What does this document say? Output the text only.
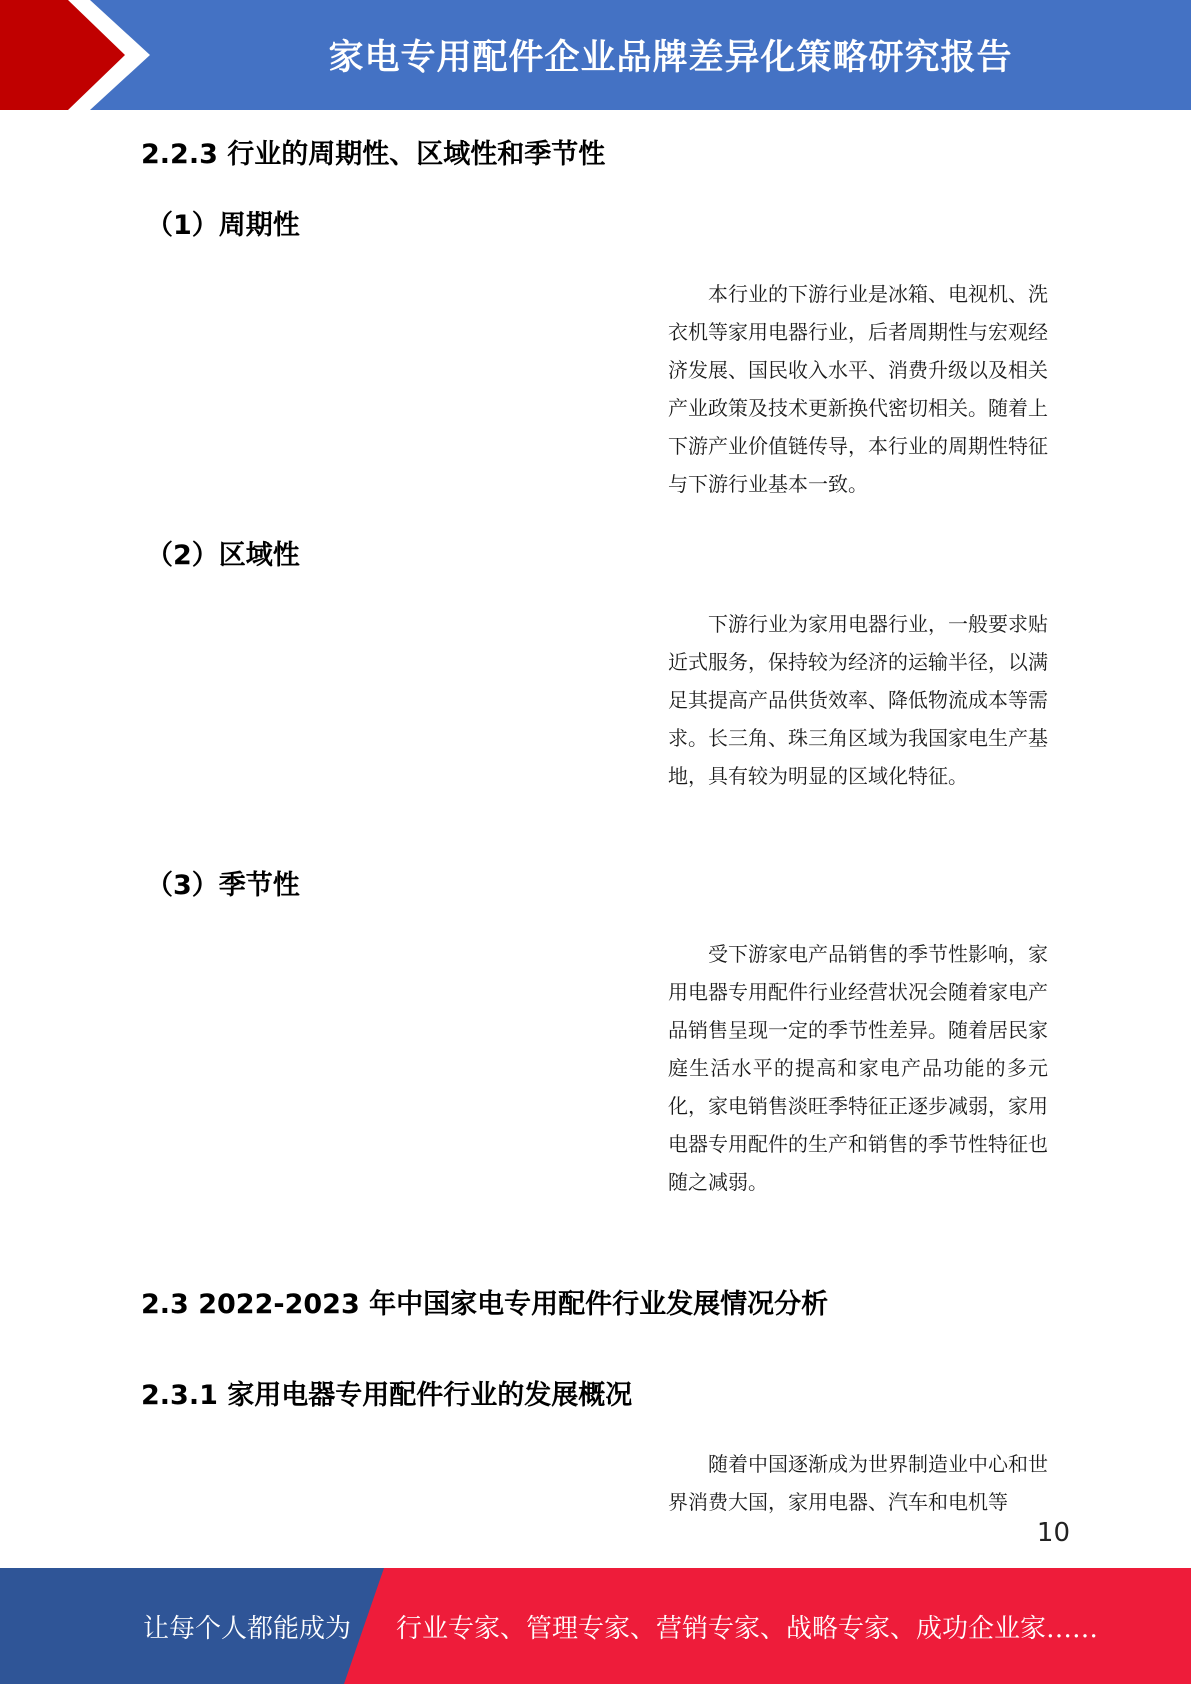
家电专用配件企业品牌差异化策略研究报告
2.2.3 行业的周期性、区域性和季节性
（1）周期性

本行业的下游行业是冰箱、电视机、洗衣机等家用电器行业，后者周期性与宏观经济发展、国民收入水平、消费升级以及相关产业政策及技术更新换代密切相关。随着上下游产业价值链传导，本行业的周期性特征与下游行业基本一致。

（2）区域性

下游行业为家用电器行业，一般要求贴近式服务，保持较为经济的运输半径，以满足其提高产品供货效率、降低物流成本等需求。长三角、珠三角区域为我国家电生产基地，具有较为明显的区域化特征。

（3）季节性

受下游家电产品销售的季节性影响，家用电器专用配件行业经营状况会随着家电产品销售呈现一定的季节性差异。随着居民家庭生活水平的提高和家电产品功能的多元化，家电销售淡旺季特征正逐步减弱，家用电器专用配件的生产和销售的季节性特征也随之减弱。

2.3 2022-2023 年中国家电专用配件行业发展情况分析
2.3.1 家用电器专用配件行业的发展概况

随着中国逐渐成为世界制造业中心和世界消费大国，家用电器、汽车和电机等

10
让每个人都能成为 行业专家、管理专家、营销专家、战略专家、成功企业家……
